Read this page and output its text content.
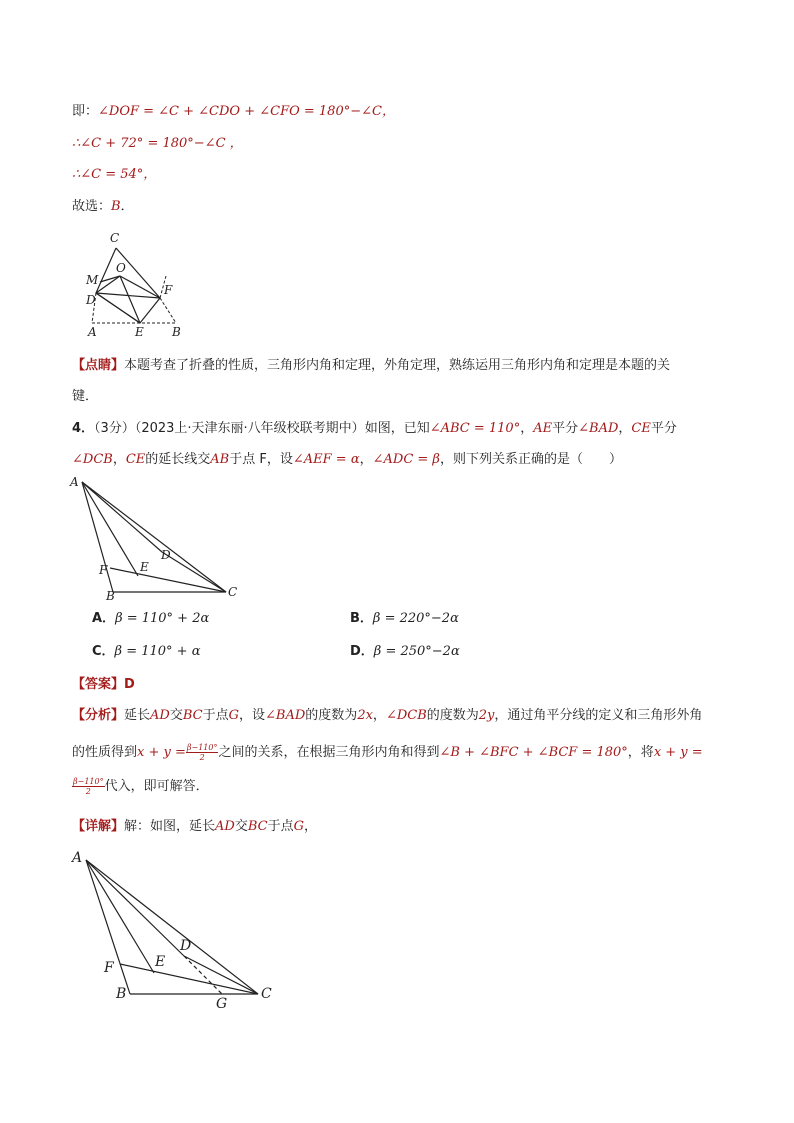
即：∠DOF = ∠C + ∠CDO + ∠CFO = 180°−∠C，
∴∠C + 72° = 180°−∠C ，
∴∠C = 54°，
故选：B．
C
M
O
F
D
A	E B
【点睛】本题考查了折叠的性质，三角形内角和定理，外角定理，熟练运用三角形内角和定理是本题的关
键．
4．（3分）（2023上·天津东丽·八年级校联考期中）如图，已知∠ABC = 110°，AE平分∠BAD，CE平分
∠DCB，CE的延长线交AB于点 F，设∠AEF = α，∠ADC = β，则下列关系正确的是（　　）
A
D
F	E
B	C
A．β = 110° + 2α	B．β = 220°−2α
C．β = 110° + α	D．β = 250°−2α
【答案】D
【分析】延长AD交BC于点G，设∠BAD的度数为2x，∠DCB的度数为2y，通过角平分线的定义和三角形外角
的性质得到$x + y = \frac{\beta-110^\circ}{2}$ 之间的关系，在根据三角形内角和得到∠B + ∠BFC + ∠BCF = 180°，将x + y =
$\frac{\beta-110^\circ}{2}$ 代入，即可解答．
【详解】解：如图，延长AD交BC于点G，
A
D
F	E
B
G
C
